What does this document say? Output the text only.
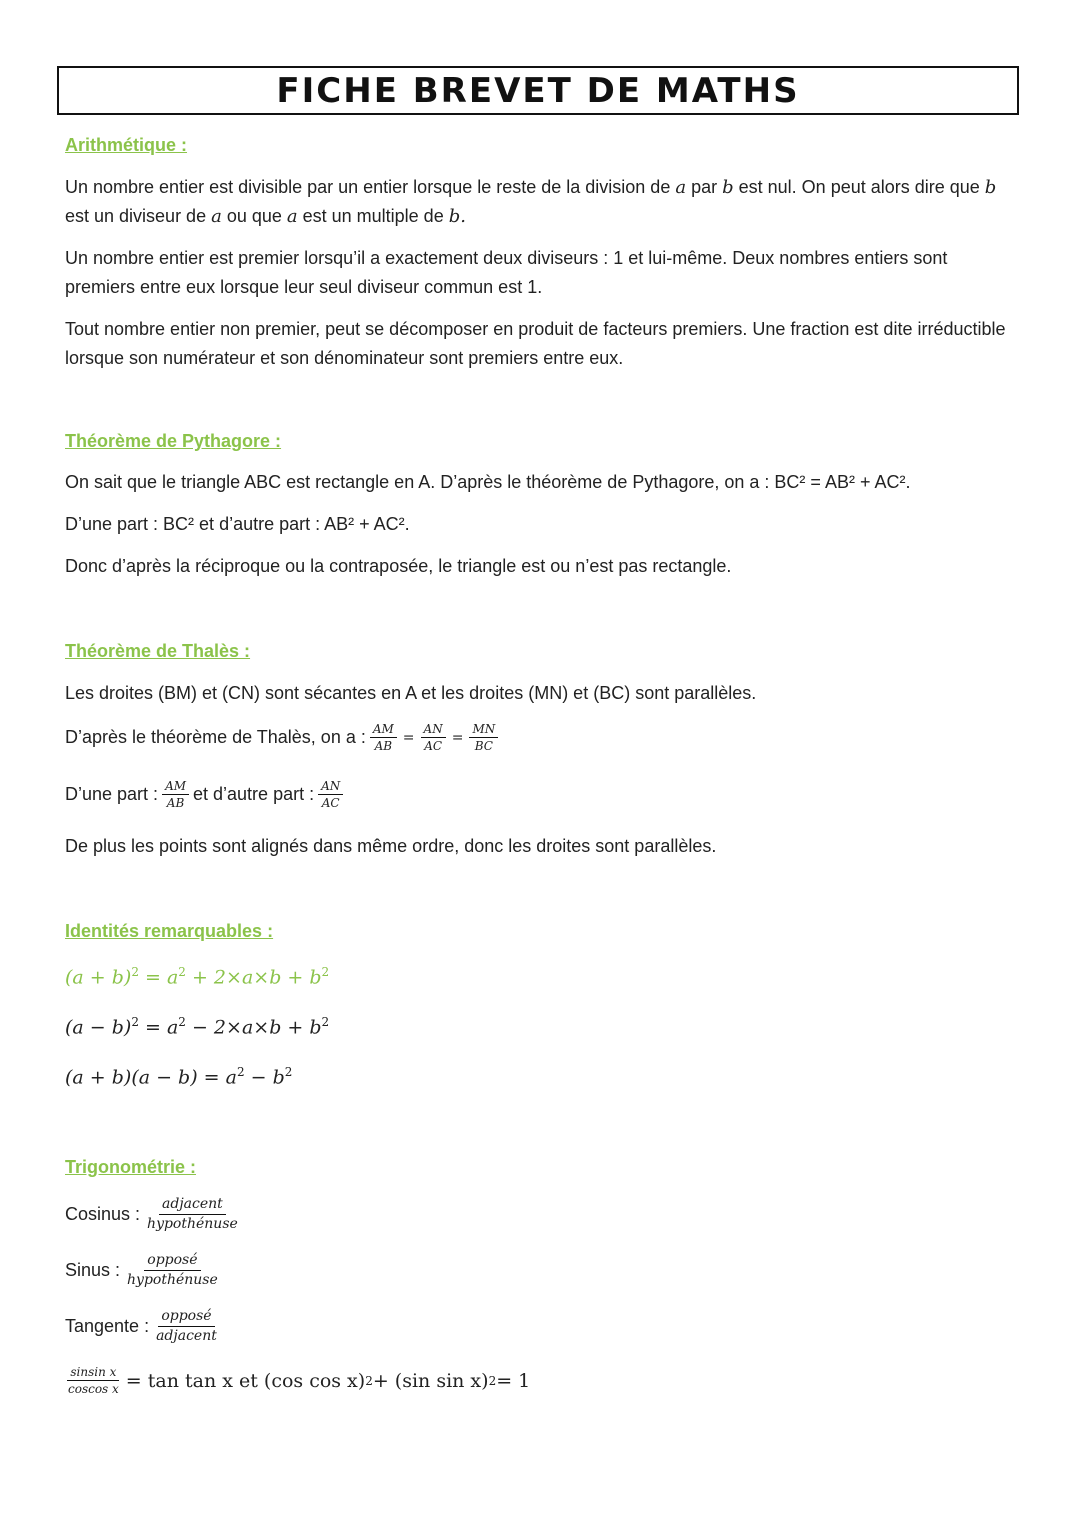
FICHE BREVET DE MATHS

Arithmétique :

Un nombre entier est divisible par un entier lorsque le reste de la division de a par b est nul. On peut alors dire que b est un diviseur de a ou que a est un multiple de b.

Un nombre entier est premier lorsqu’il a exactement deux diviseurs : 1 et lui-même. Deux nombres entiers sont premiers entre eux lorsque leur seul diviseur commun est 1.

Tout nombre entier non premier, peut se décomposer en produit de facteurs premiers. Une fraction est dite irréductible lorsque son numérateur et son dénominateur sont premiers entre eux.

Théorème de Pythagore :

On sait que le triangle ABC est rectangle en A. D’après le théorème de Pythagore, on a : BC² = AB² + AC².

D’une part : BC² et d’autre part : AB² + AC².

Donc d’après la réciproque ou la contraposée, le triangle est ou n’est pas rectangle.

Théorème de Thalès :

Les droites (BM) et (CN) sont sécantes en A et les droites (MN) et (BC) sont parallèles.

D’après le théorème de Thalès, on a : $\frac{AM}{AB} = \frac{AN}{AC} = \frac{MN}{BC}$
D’une part : $\frac{AM}{AB}$ et d’autre part : $\frac{AN}{AC}$

De plus les points sont alignés dans même ordre, donc les droites sont parallèles.

Identités remarquables :

$(a + b)^2 = a^2 + 2\times a\times b + b^2$

$(a - b)^2 = a^2 - 2\times a\times b + b^2$

$(a + b)(a - b) = a^2 - b^2$

Trigonométrie :

Cosinus : $\frac{\text{adjacent}}{\text{hypothénuse}}$
Sinus : $\frac{\text{opposé}}{\text{hypothénuse}}$
Tangente : $\frac{\text{opposé}}{\text{adjacent}}$
$\frac{\text{sinsin x}}{\text{coscos x}} = \tan \tan x$ et (cos cos x) 2 + (sin sin x) 2 = 1
